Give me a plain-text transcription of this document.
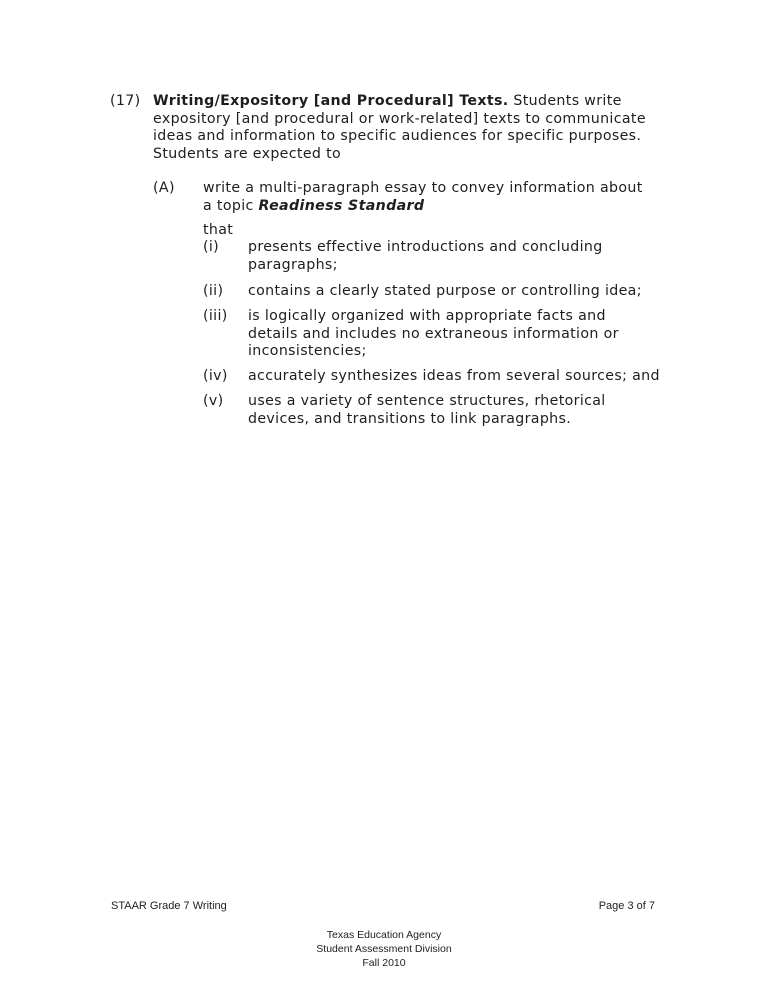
(17) Writing/Expository [and Procedural] Texts. Students write expository [and procedural or work-related] texts to communicate ideas and information to specific audiences for specific purposes. Students are expected to
(A) write a multi-paragraph essay to convey information about a topic Readiness Standard
that
(i) presents effective introductions and concluding paragraphs;
(ii) contains a clearly stated purpose or controlling idea;
(iii) is logically organized with appropriate facts and details and includes no extraneous information or inconsistencies;
(iv) accurately synthesizes ideas from several sources; and
(v) uses a variety of sentence structures, rhetorical devices, and transitions to link paragraphs.
STAAR Grade 7 Writing	Page 3 of 7
Texas Education Agency
Student Assessment Division
Fall 2010
